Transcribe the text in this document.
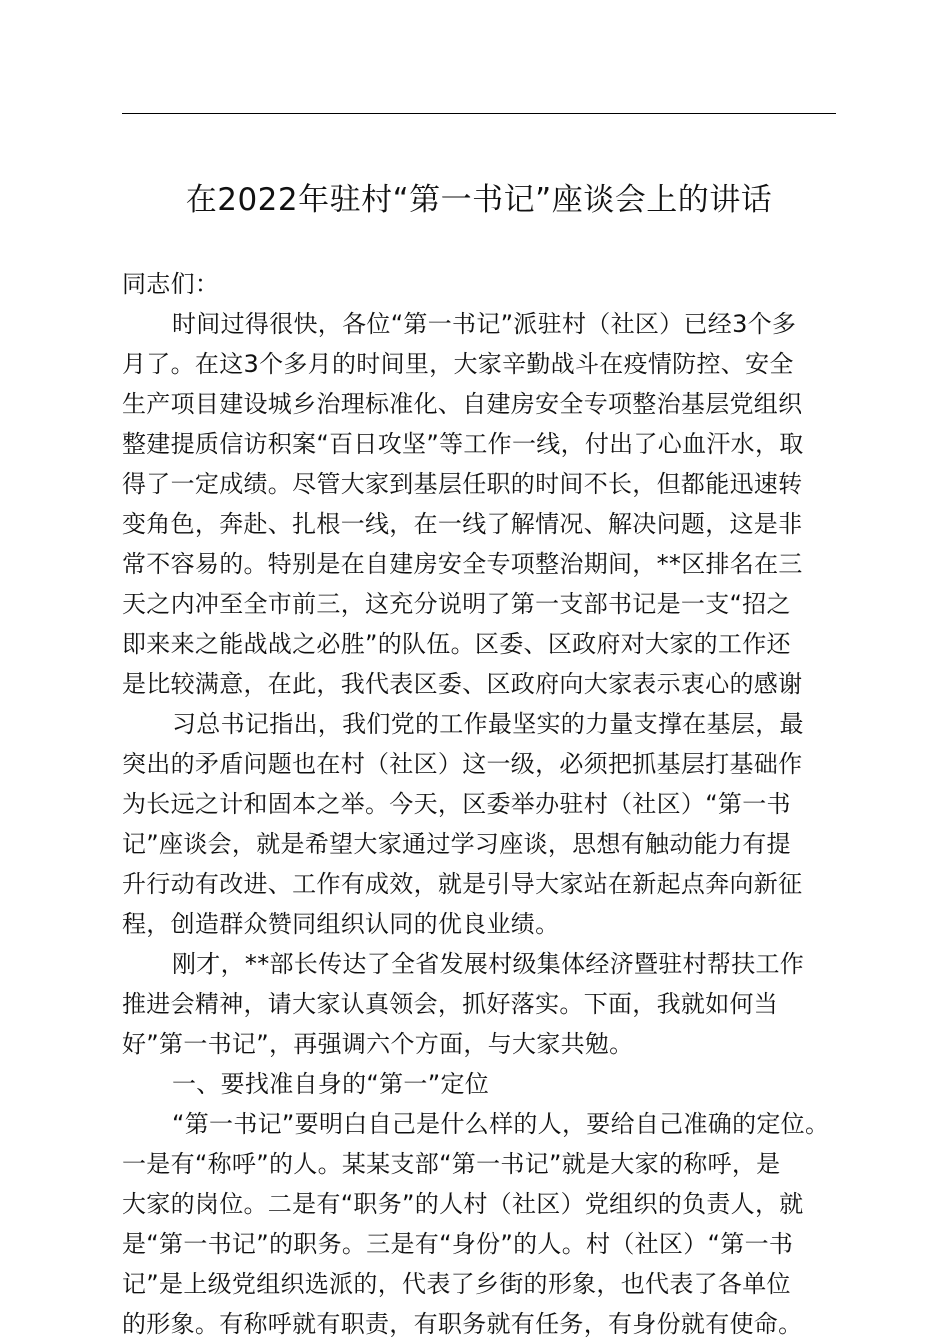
在2022年驻村“第一书记”座谈会上的讲话
同志们：
时间过得很快，各位“第一书记”派驻村（社区）已经3个多
月了。在这3个多月的时间里，大家辛勤战斗在疫情防控、安全
生产项目建设城乡治理标准化、自建房安全专项整治基层党组织
整建提质信访积案“百日攻坚”等工作一线，付出了心血汗水，取
得了一定成绩。尽管大家到基层任职的时间不长，但都能迅速转
变角色，奔赴、扎根一线，在一线了解情况、解决问题，这是非
常不容易的。特别是在自建房安全专项整治期间，**区排名在三
天之内冲至全市前三，这充分说明了第一支部书记是一支“招之
即来来之能战战之必胜”的队伍。区委、区政府对大家的工作还
是比较满意，在此，我代表区委、区政府向大家表示衷心的感谢
习总书记指出，我们党的工作最坚实的力量支撑在基层，最
突出的矛盾问题也在村（社区）这一级，必须把抓基层打基础作
为长远之计和固本之举。今天，区委举办驻村（社区）“第一书
记”座谈会，就是希望大家通过学习座谈，思想有触动能力有提
升行动有改进、工作有成效，就是引导大家站在新起点奔向新征
程，创造群众赞同组织认同的优良业绩。
刚才，**部长传达了全省发展村级集体经济暨驻村帮扶工作
推进会精神，请大家认真领会，抓好落实。下面，我就如何当
好”第一书记”，再强调六个方面，与大家共勉。
一、要找准自身的“第一”定位
“第一书记”要明白自己是什么样的人，要给自己准确的定位。
一是有“称呼”的人。某某支部“第一书记”就是大家的称呼，是
大家的岗位。二是有“职务”的人村（社区）党组织的负责人，就
是“第一书记”的职务。三是有“身份”的人。村（社区）“第一书
记”是上级党组织选派的，代表了乡街的形象，也代表了各单位
的形象。有称呼就有职责，有职务就有任务，有身份就有使命。
